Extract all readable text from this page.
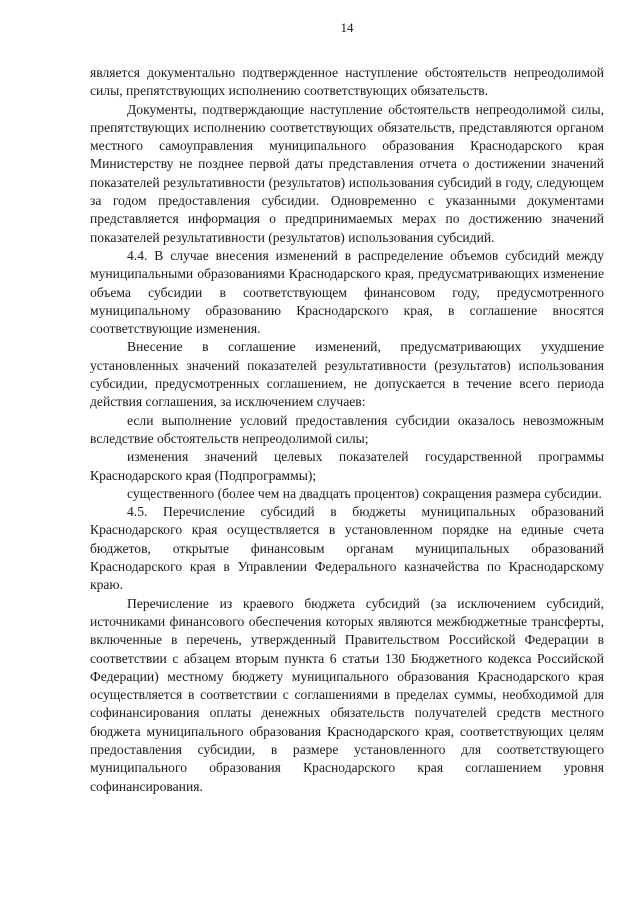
14

является документально подтвержденное наступление обстоятельств непреодолимой силы, препятствующих исполнению соответствующих обязательств.

Документы, подтверждающие наступление обстоятельств непреодолимой силы, препятствующих исполнению соответствующих обязательств, представляются органом местного самоуправления муниципального образования Краснодарского края Министерству не позднее первой даты представления отчета о достижении значений показателей результативности (результатов) использования субсидий в году, следующем за годом предоставления субсидии. Одновременно с указанными документами представляется информация о предпринимаемых мерах по достижению значений показателей результативности (результатов) использования субсидий.

4.4. В случае внесения изменений в распределение объемов субсидий между муниципальными образованиями Краснодарского края, предусматривающих изменение объема субсидии в соответствующем финансовом году, предусмотренного муниципальному образованию Краснодарского края, в соглашение вносятся соответствующие изменения.

Внесение в соглашение изменений, предусматривающих ухудшение установленных значений показателей результативности (результатов) использования субсидии, предусмотренных соглашением, не допускается в течение всего периода действия соглашения, за исключением случаев:

если выполнение условий предоставления субсидии оказалось невозможным вследствие обстоятельств непреодолимой силы;

изменения значений целевых показателей государственной программы Краснодарского края (Подпрограммы);

существенного (более чем на двадцать процентов) сокращения размера субсидии.

4.5. Перечисление субсидий в бюджеты муниципальных образований Краснодарского края осуществляется в установленном порядке на единые счета бюджетов, открытые финансовым органам муниципальных образований Краснодарского края в Управлении Федерального казначейства по Краснодарскому краю.

Перечисление из краевого бюджета субсидий (за исключением субсидий, источниками финансового обеспечения которых являются межбюджетные трансферты, включенные в перечень, утвержденный Правительством Российской Федерации в соответствии с абзацем вторым пункта 6 статьи 130 Бюджетного кодекса Российской Федерации) местному бюджету муниципального образования Краснодарского края осуществляется в соответствии с соглашениями в пределах суммы, необходимой для софинансирования оплаты денежных обязательств получателей средств местного бюджета муниципального образования Краснодарского края, соответствующих целям предоставления субсидии, в размере установленного для соответствующего муниципального образования Краснодарского края соглашением уровня софинансирования.
